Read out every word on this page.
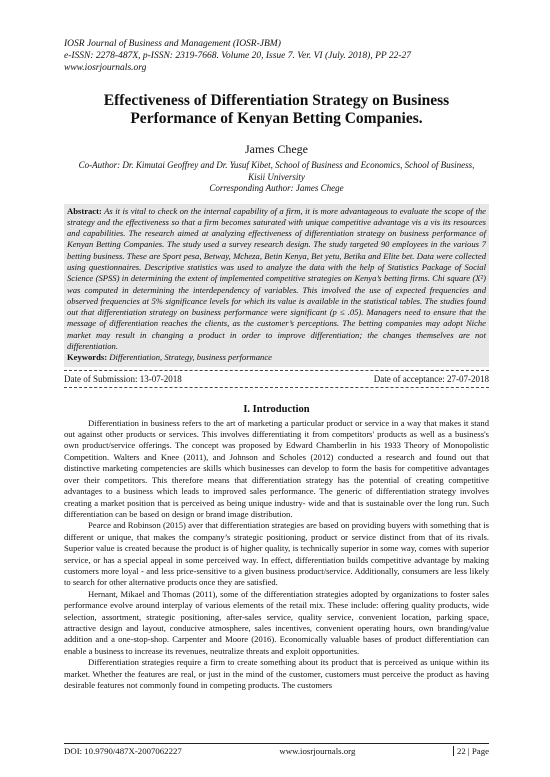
IOSR Journal of Business and Management (IOSR-JBM)
e-ISSN: 2278-487X, p-ISSN: 2319-7668. Volume 20, Issue 7. Ver. VI (July. 2018), PP 22-27
www.iosrjournals.org
Effectiveness of Differentiation Strategy on Business Performance of Kenyan Betting Companies.
James Chege
Co-Author: Dr. Kimutai Geoffrey and Dr. Yusuf Kibet, School of Business and Economics, School of Business,
Kisii University
Corresponding Author: James Chege
Abstract: As it is vital to check on the internal capability of a firm, it is more advantageous to evaluate the scope of the strategy and the effectiveness so that a firm becomes saturated with unique competitive advantage vis a vis its resources and capabilities. The research aimed at analyzing effectiveness of differentiation strategy on business performance of Kenyan Betting Companies. The study used a survey research design. The study targeted 90 employees in the various 7 betting business. These are Sport pesa, Betway, Mcheza, Betin Kenya, Bet yetu, Betika and Elite bet. Data were collected using questionnaires. Descriptive statistics was used to analyze the data with the help of Statistics Package of Social Science (SPSS) in determining the extent of implemented competitive strategies on Kenya’s betting firms. Chi square (X²) was computed in determining the interdependency of variables. This involved the use of expected frequencies and observed frequencies at 5% significance levels for which its value is available in the statistical tables. The studies found out that differentiation strategy on business performance were significant (p ≤ .05). Managers need to ensure that the message of differentiation reaches the clients, as the customer’s perceptions. The betting companies may adopt Niche market may result in changing a product in order to improve differentiation; the changes themselves are not differentiation.
Keywords: Differentiation, Strategy, business performance
Date of Submission: 13-07-2018	Date of acceptance: 27-07-2018
I. Introduction

Differentiation in business refers to the art of marketing a particular product or service in a way that makes it stand out against other products or services. This involves differentiating it from competitors' products as well as a business's own product/service offerings. The concept was proposed by Edward Chamberlin in his 1933 Theory of Monopolistic Competition. Walters and Knee (2011), and Johnson and Scholes (2012) conducted a research and found out that distinctive marketing competencies are skills which businesses can develop to form the basis for competitive advantages over their competitors. This therefore means that differentiation strategy has the potential of creating competitive advantages to a business which leads to improved sales performance. The generic of differentiation strategy involves creating a market position that is perceived as being unique industry- wide and that is sustainable over the long run. Such differentiation can be based on design or brand image distribution.

Pearce and Robinson (2015) aver that differentiation strategies are based on providing buyers with something that is different or unique, that makes the company’s strategic positioning, product or service distinct from that of its rivals. Superior value is created because the product is of higher quality, is technically superior in some way, comes with superior service, or has a special appeal in some perceived way. In effect, differentiation builds competitive advantage by making customers more loyal - and less price-sensitive to a given business product/service. Additionally, consumers are less likely to search for other alternative products once they are satisfied.

Hernant, Mikael and Thomas (2011), some of the differentiation strategies adopted by organizations to foster sales performance evolve around interplay of various elements of the retail mix. These include: offering quality products, wide selection, assortment, strategic positioning, after-sales service, quality service, convenient location, parking space, attractive design and layout, conducive atmosphere, sales incentives, convenient operating hours, own branding/value addition and a one-stop-shop. Carpenter and Moore (2016). Economically valuable bases of product differentiation can enable a business to increase its revenues, neutralize threats and exploit opportunities.

Differentiation strategies require a firm to create something about its product that is perceived as unique within its market. Whether the features are real, or just in the mind of the customer, customers must perceive the product as having desirable features not commonly found in competing products. The customers

DOI: 10.9790/487X-2007062227	www.iosrjournals.org	22 | Page
